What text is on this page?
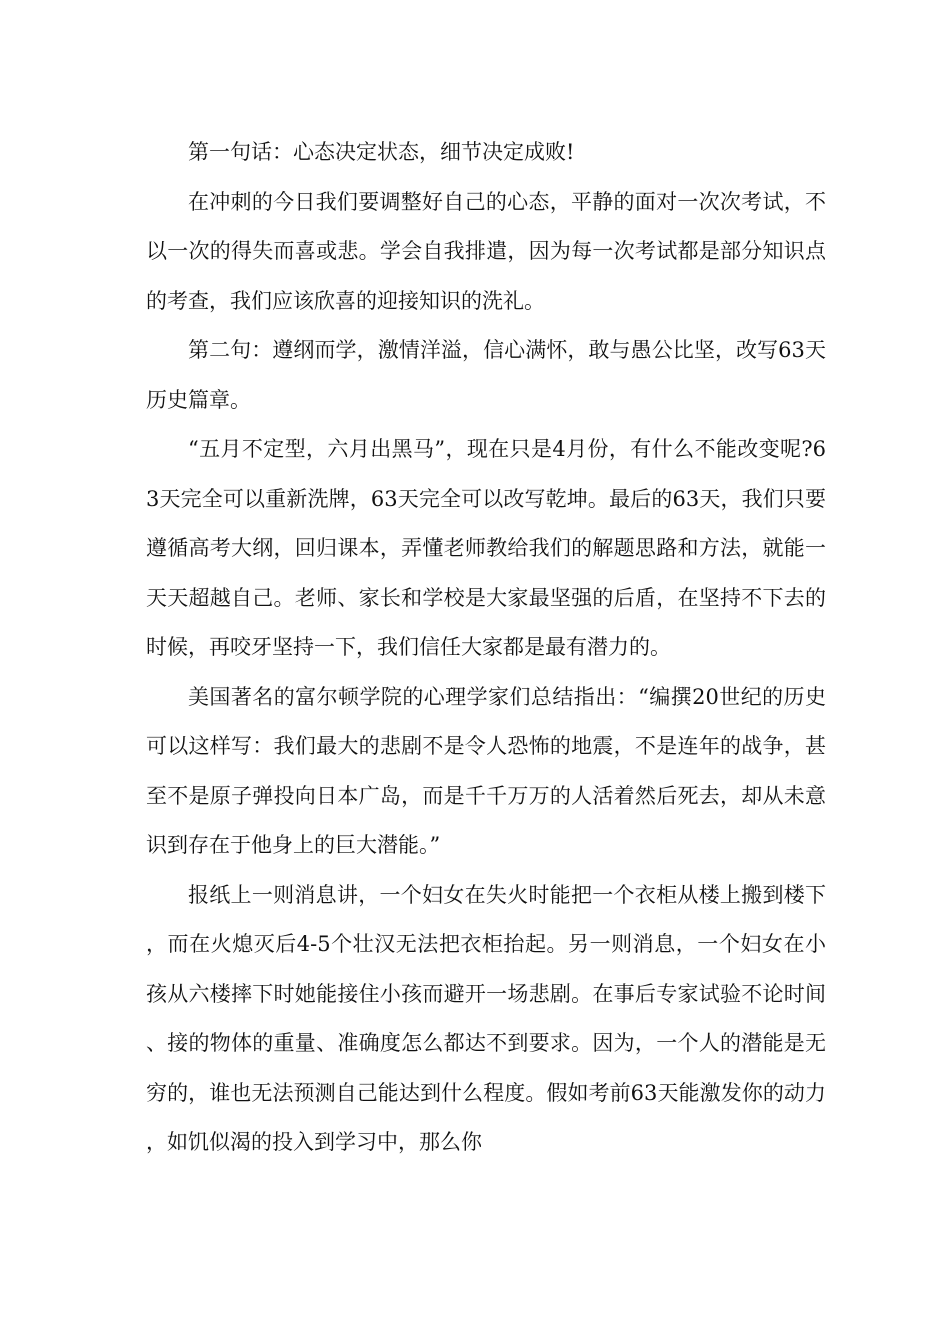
第一句话：心态决定状态，细节决定成败!

在冲刺的今日我们要调整好自己的心态，平静的面对一次次考试，不以一次的得失而喜或悲。学会自我排遣，因为每一次考试都是部分知识点的考查，我们应该欣喜的迎接知识的洗礼。

第二句：遵纲而学，激情洋溢，信心满怀，敢与愚公比坚，改写63天历史篇章。

“五月不定型，六月出黑马”，现在只是4月份，有什么不能改变呢?63天完全可以重新洗牌，63天完全可以改写乾坤。最后的63天，我们只要遵循高考大纲，回归课本，弄懂老师教给我们的解题思路和方法，就能一天天超越自己。老师、家长和学校是大家最坚强的后盾，在坚持不下去的时候，再咬牙坚持一下，我们信任大家都是最有潜力的。

美国著名的富尔顿学院的心理学家们总结指出：“编撰20世纪的历史可以这样写：我们最大的悲剧不是令人恐怖的地震，不是连年的战争，甚至不是原子弹投向日本广岛，而是千千万万的人活着然后死去，却从未意识到存在于他身上的巨大潜能。”

报纸上一则消息讲，一个妇女在失火时能把一个衣柜从楼上搬到楼下，而在火熄灭后4-5个壮汉无法把衣柜抬起。另一则消息，一个妇女在小孩从六楼摔下时她能接住小孩而避开一场悲剧。在事后专家试验不论时间、接的物体的重量、准确度怎么都达不到要求。因为，一个人的潜能是无穷的，谁也无法预测自己能达到什么程度。假如考前63天能激发你的动力，如饥似渴的投入到学习中，那么你
